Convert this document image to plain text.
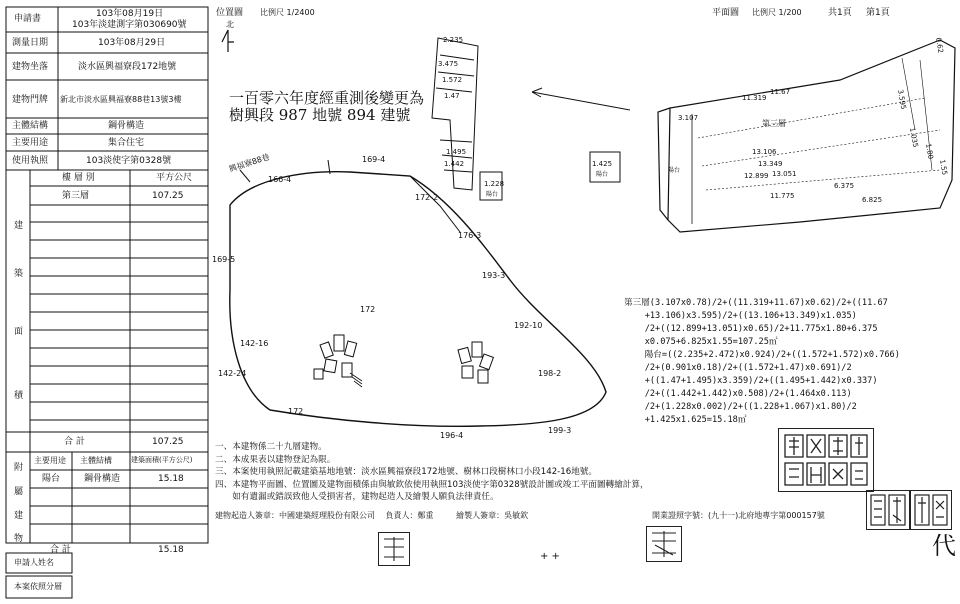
申請書	103年08月19日
103年淡建測字第030690號
測量日期	103年08月29日
建物坐落	淡水區興福寮段172地號
建物門牌 新北市淡水區興福寮88巷13號3樓
主體結構	鋼骨構造
主要用途	集合住宅
使用執照	103淡使字第0328號
樓 層 別	平方公尺
建
築
面
積
第三層	107.25
合 計	107.25
主要用途 主體結構	建築面積(平方公尺)
附
屬
建
物
陽台	鋼骨構造	15.18
合 計	15.18
申請人姓名
本案依照分層
位置圖 比例尺 1/2400
北
興福寮88巷	169-4
166-4
172-2
176-3
169-5
193-3
172
192-10
142-16
142-24	198-2
172
196-4
199-3
2.235
3.475
1.572
1.47
1.495
1.442
1.228
1.425
陽台
陽台
一百零六年度經重測後變更為
樹興段 987 地號 894 建號
平面圖 比例尺 1/200	共1頁 第1頁
第三層
陽台
3.107
11.319
11.67
13.106
13.349
12.899 13.051
11.775
6.375
6.825
3.595
1.035
1.80
1.55
0.62
第三層(3.107x0.78)/2+((11.319+11.67)x0.62)/2+((11.67
+13.106)x3.595)/2+((13.106+13.349)x1.035)
/2+((12.899+13.051)x0.65)/2+11.775x1.80+6.375
x0.075+6.825x1.55=107.25㎡
陽台=((2.235+2.472)x0.924)/2+((1.572+1.572)x0.766)
/2+(0.901x0.18)/2+((1.572+1.47)x0.691)/2
+((1.47+1.495)x3.359)/2+((1.495+1.442)x0.337)
/2+((1.442+1.442)x0.508)/2+(1.464x0.113)
/2+(1.228x0.002)/2+((1.228+1.067)x1.80)/2
+1.425x1.625=15.18㎡
一、本建物係二十九層建物。
二、本成果表以建物登記為限。
三、本案使用執照記載建築基地地號：淡水區興福寮段172地號、樹林口段樹林口小段142-16地號。
四、本建物平面圖、位置圖及建物面積係由與敏欽依使用執照103淡使字第0328號設計圖或竣工平面圖轉繪計算，
　　如有遺漏或錯誤致他人受損害者，建物起造人及繪製人願負法律責任。
建物起造人簽章：中國建築經理股份有限公司 負責人：鄭重	繪製人簽章：吳敏欽	開業證照字號：(九十一)北府地專字第000157號
+ +	代
